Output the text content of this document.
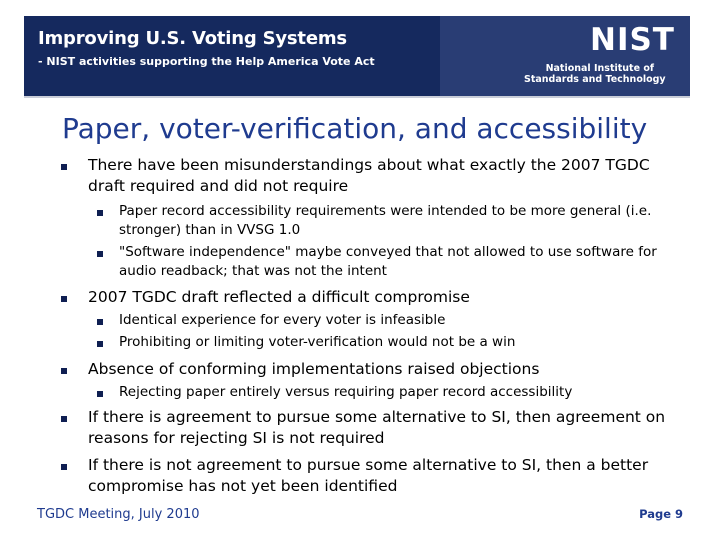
Improving U.S. Voting Systems
- NIST activities supporting the Help America Vote Act
NIST
National Institute of
Standards and Technology
Paper, voter-verification, and accessibility
There have been misunderstandings about what exactly the 2007 TGDC draft required and did not require
Paper record accessibility requirements were intended to be more general (i.e. stronger) than in VVSG 1.0
"Software independence" maybe conveyed that not allowed to use software for audio readback; that was not the intent
2007 TGDC draft reflected a difficult compromise
Identical experience for every voter is infeasible
Prohibiting or limiting voter-verification would not be a win
Absence of conforming implementations raised objections
Rejecting paper entirely versus requiring paper record accessibility
If there is agreement to pursue some alternative to SI, then agreement on reasons for rejecting SI is not required
If there is not agreement to pursue some alternative to SI, then a better compromise has not yet been identified
TGDC Meeting, July 2010	Page 9
